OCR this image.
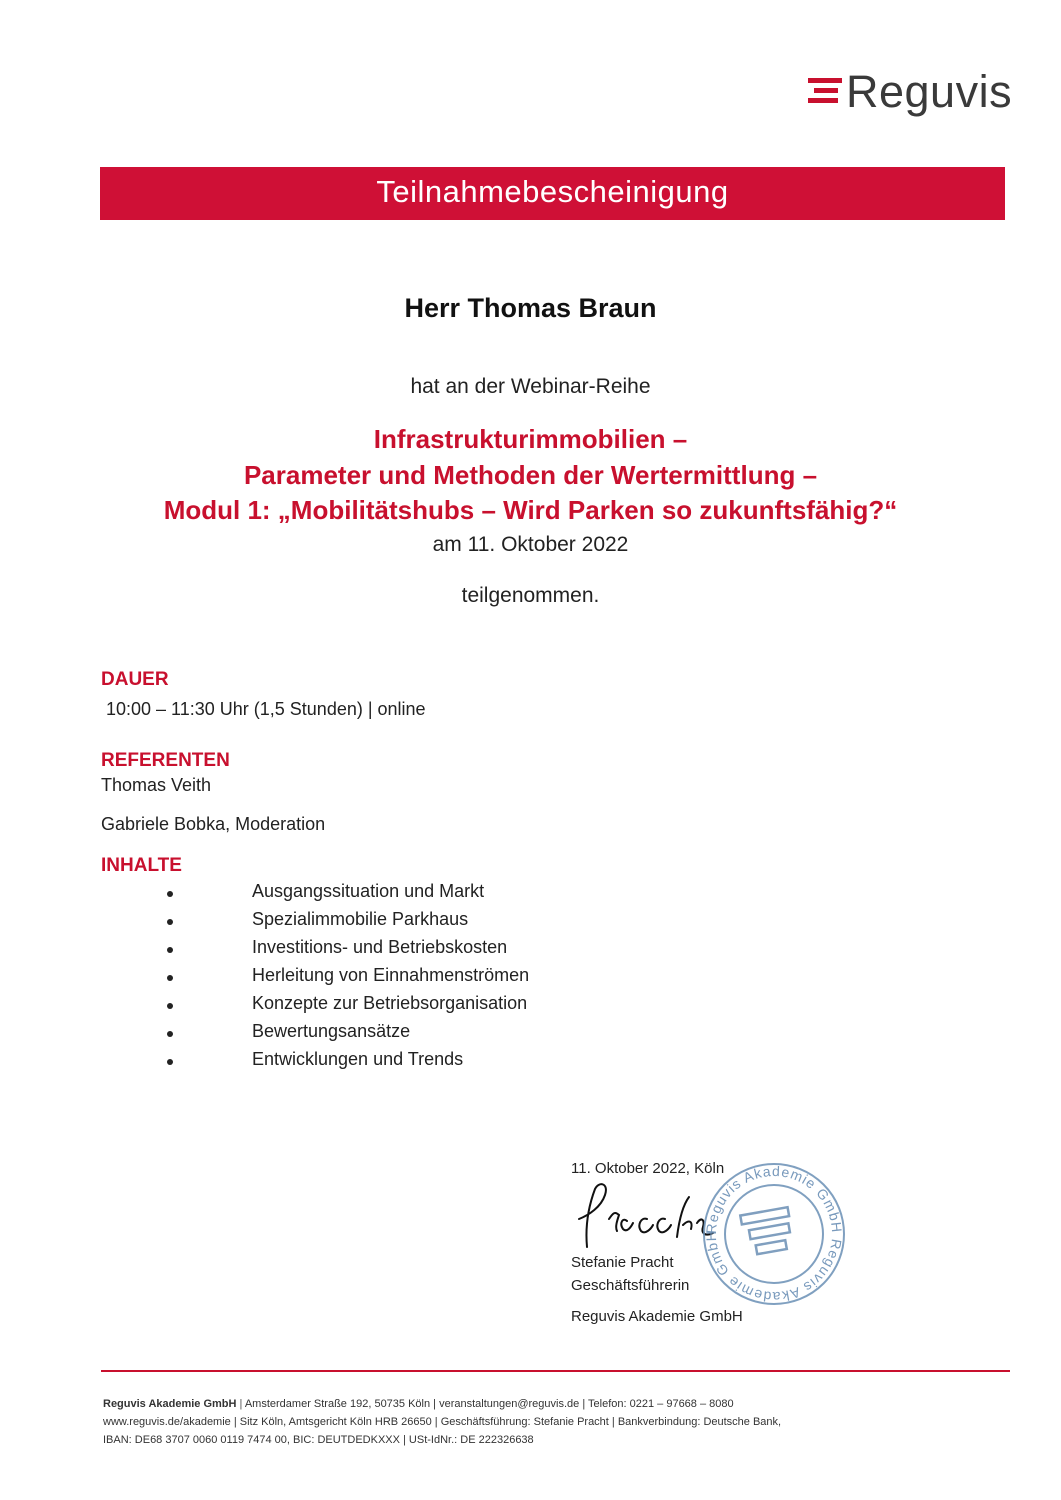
Reguvis
Teilnahmebescheinigung
Herr Thomas Braun
hat an der Webinar-Reihe
Infrastrukturimmobilien –
Parameter und Methoden der Wertermittlung –
Modul 1: „Mobilitätshubs – Wird Parken so zukunftsfähig?“
am 11. Oktober 2022
teilgenommen.
DAUER
10:00 – 11:30 Uhr (1,5 Stunden) | online
REFERENTEN
Thomas Veith
Gabriele Bobka, Moderation
INHALTE
Ausgangssituation und Markt
Spezialimmobilie Parkhaus
Investitions- und Betriebskosten
Herleitung von Einnahmenströmen
Konzepte zur Betriebsorganisation
Bewertungsansätze
Entwicklungen und Trends
11. Oktober 2022, Köln
Reguvis Akademie GmbH Reguvis Akademie GmbH
Stefanie Pracht
Geschäftsführerin
Reguvis Akademie GmbH
Reguvis Akademie GmbH | Amsterdamer Straße 192, 50735 Köln | veranstaltungen@reguvis.de | Telefon: 0221 – 97668 – 8080
www.reguvis.de/akademie | Sitz Köln, Amtsgericht Köln HRB 26650 | Geschäftsführung: Stefanie Pracht | Bankverbindung: Deutsche Bank,
IBAN: DE68 3707 0060 0119 7474 00, BIC: DEUTDEDKXXX | USt-IdNr.: DE 222326638
